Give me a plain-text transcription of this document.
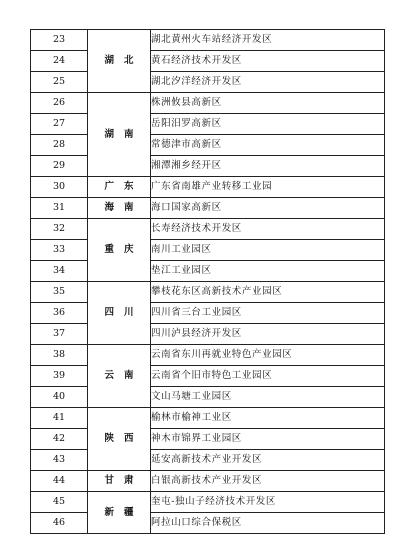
23	湖北	湖北黄州火车站经济开发区
24		黄石经济技术开发区
25		湖北汐洋经济开发区
26	湖南	株洲攸县高新区
27		岳阳汨罗高新区
28		常德津市高新区
29		湘潭湘乡经开区
30	广东	广东省南雄产业转移工业园
31	海南	海口国家高新区
32	重庆	长寿经济技术开发区
33		南川工业园区
34		垫江工业园区
35	四川	攀枝花东区高新技术产业园区
36		四川省三台工业园区
37		四川泸县经济开发区
38	云南	云南省东川再就业特色产业园区
39		云南省个旧市特色工业园区
40		文山马塘工业园区
41	陕西	榆林市榆神工业区
42		神木市锦界工业园区
43		延安高新技术产业开发区
44	甘肃	白银高新技术产业开发区
45	新疆	奎屯-独山子经济技术开发区
46		阿拉山口综合保税区
